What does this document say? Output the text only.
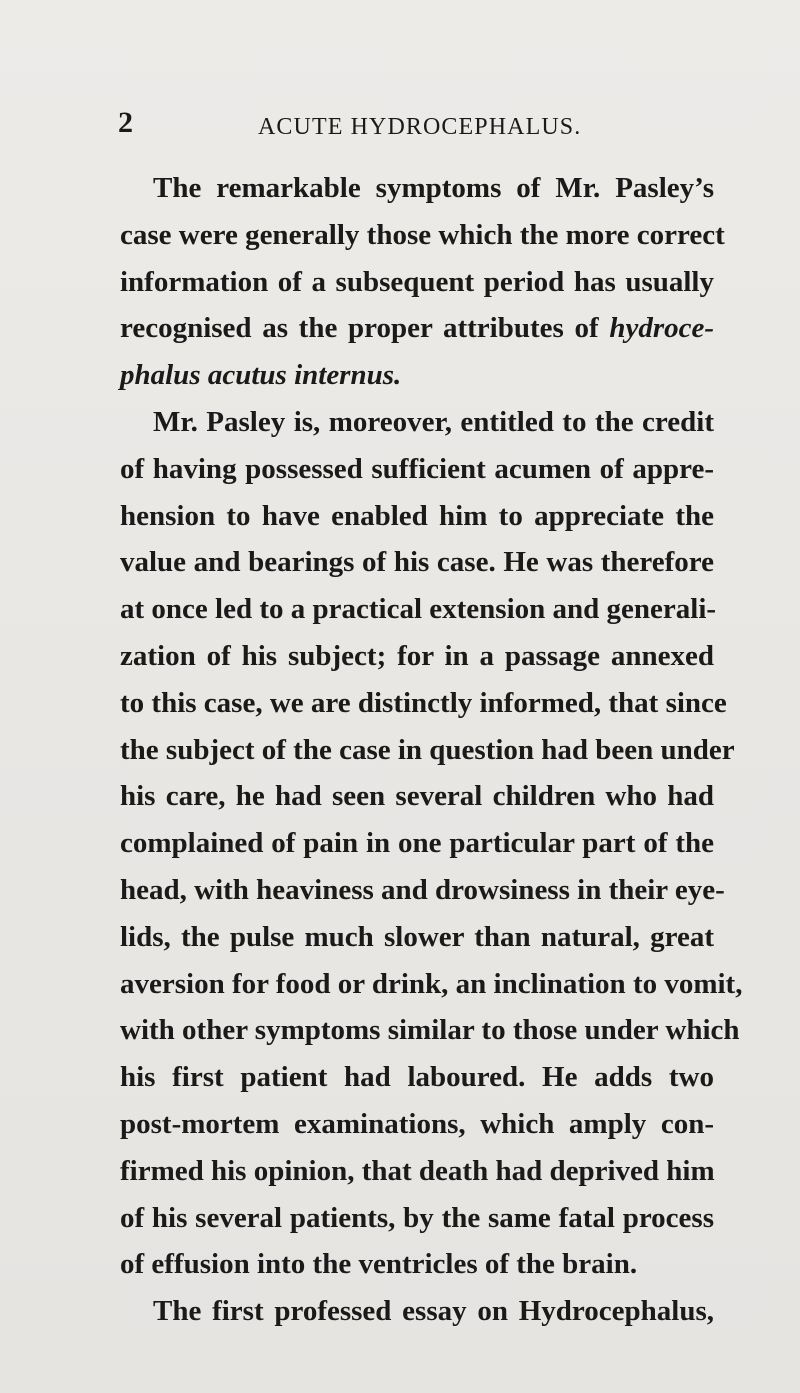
2	ACUTE HYDROCEPHALUS.
The remarkable symptoms of Mr. Pasley’s
case were generally those which the more correct
information of a subsequent period has usually
recognised as the proper attributes of hydroce-
phalus acutus internus.
Mr. Pasley is, moreover, entitled to the credit
of having possessed sufficient acumen of appre-
hension to have enabled him to appreciate the
value and bearings of his case. He was therefore
at once led to a practical extension and generali-
zation of his subject; for in a passage annexed
to this case, we are distinctly informed, that since
the subject of the case in question had been under
his care, he had seen several children who had
complained of pain in one particular part of the
head, with heaviness and drowsiness in their eye-
lids, the pulse much slower than natural, great
aversion for food or drink, an inclination to vomit,
with other symptoms similar to those under which
his first patient had laboured. He adds two
post-mortem examinations, which amply con-
firmed his opinion, that death had deprived him
of his several patients, by the same fatal process
of effusion into the ventricles of the brain.
The first professed essay on Hydrocephalus,
